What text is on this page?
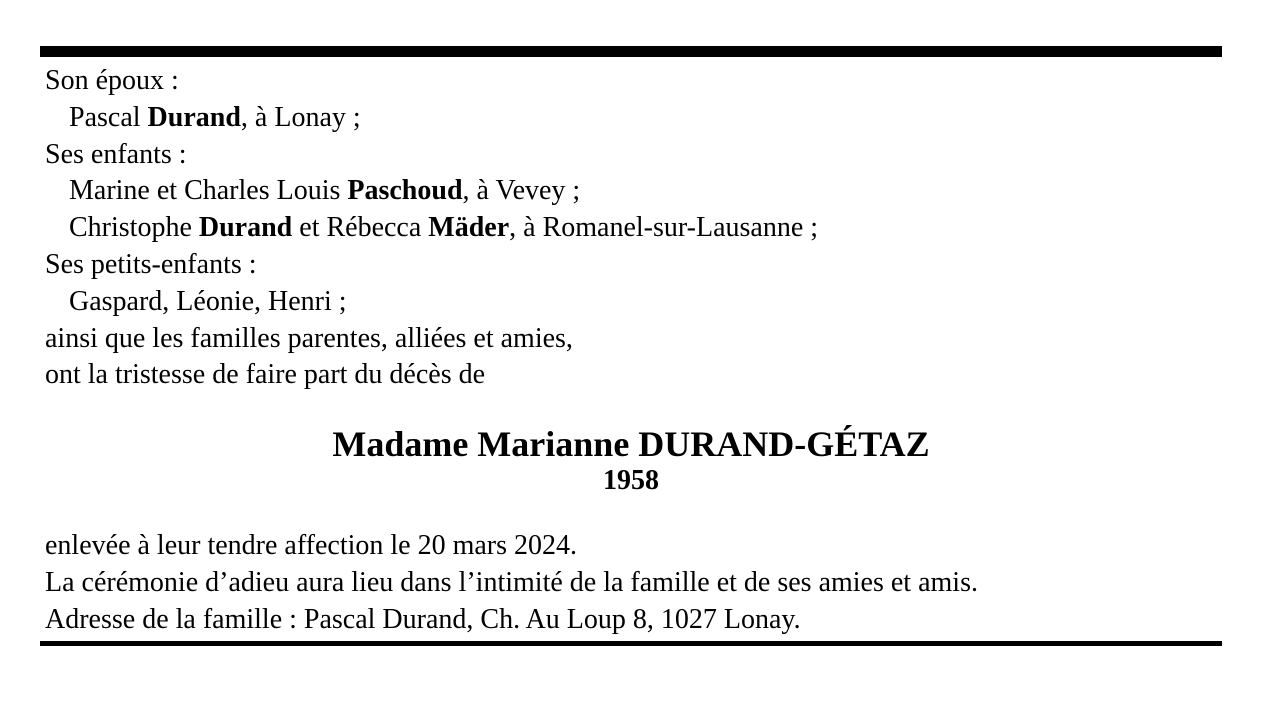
Son époux :
Pascal Durand, à Lonay ;
Ses enfants :
Marine et Charles Louis Paschoud, à Vevey ;
Christophe Durand et Rébecca Mäder, à Romanel-sur-Lausanne ;
Ses petits-enfants :
Gaspard, Léonie, Henri ;
ainsi que les familles parentes, alliées et amies,
ont la tristesse de faire part du décès de
Madame Marianne DURAND-GÉTAZ
1958
enlevée à leur tendre affection le 20 mars 2024.
La cérémonie d’adieu aura lieu dans l’intimité de la famille et de ses amies et amis.
Adresse de la famille : Pascal Durand, Ch. Au Loup 8, 1027 Lonay.
